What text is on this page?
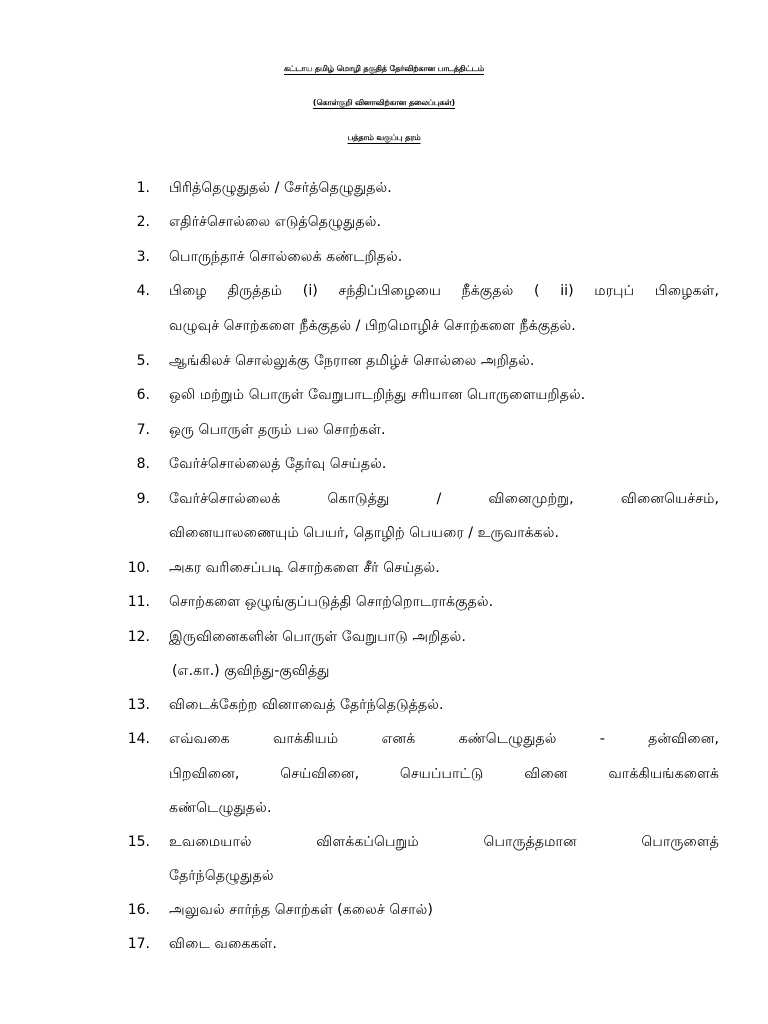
கட்டாய தமிழ் மொழி தகுதித் தேர்விற்கான பாடத்திட்டம்
(கொள்குறி வினாவிற்கான தலைப்புகள்)
பத்தாம் வகுப்பு தரம்
1. பிரித்தெழுதுதல் / சேர்த்தெழுதுதல்.
2. எதிர்ச்சொல்லை எடுத்தெழுதுதல்.
3. பொருந்தாச் சொல்லைக் கண்டறிதல்.
4. பிழை திருத்தம் (i) சந்திப்பிழையை நீக்குதல் ( ii) மரபுப் பிழைகள்,
வழுவுச் சொற்களை நீக்குதல் / பிறமொழிச் சொற்களை நீக்குதல்.
5. ஆங்கிலச் சொல்லுக்கு நேரான தமிழ்ச் சொல்லை அறிதல்.
6. ஒலி மற்றும் பொருள் வேறுபாடறிந்து சரியான பொருளையறிதல்.
7. ஒரு பொருள் தரும் பல சொற்கள்.
8. வேர்ச்சொல்லைத் தேர்வு செய்தல்.
9. வேர்ச்சொல்லைக் கொடுத்து / வினைமுற்று, வினையெச்சம்,
வினையாலணையும் பெயர், தொழிற் பெயரை / உருவாக்கல்.
10. அகர வரிசைப்படி சொற்களை சீர் செய்தல்.
11. சொற்களை ஒழுங்குப்படுத்தி சொற்றொடராக்குதல்.
12. இருவினைகளின் பொருள் வேறுபாடு அறிதல்.
(எ.கா.) குவிந்து-குவித்து
13. விடைக்கேற்ற வினாவைத் தேர்ந்தெடுத்தல்.
14. எவ்வகை வாக்கியம் எனக் கண்டெழுதுதல் - தன்வினை,
பிறவினை, செய்வினை, செயப்பாட்டு வினை வாக்கியங்களைக்
கண்டெழுதுதல்.
15. உவமையால் விளக்கப்பெறும் பொருத்தமான பொருளைத்
தேர்ந்தெழுதுதல்
16. அலுவல் சார்ந்த சொற்கள் (கலைச் சொல்)
17. விடை வகைகள்.
